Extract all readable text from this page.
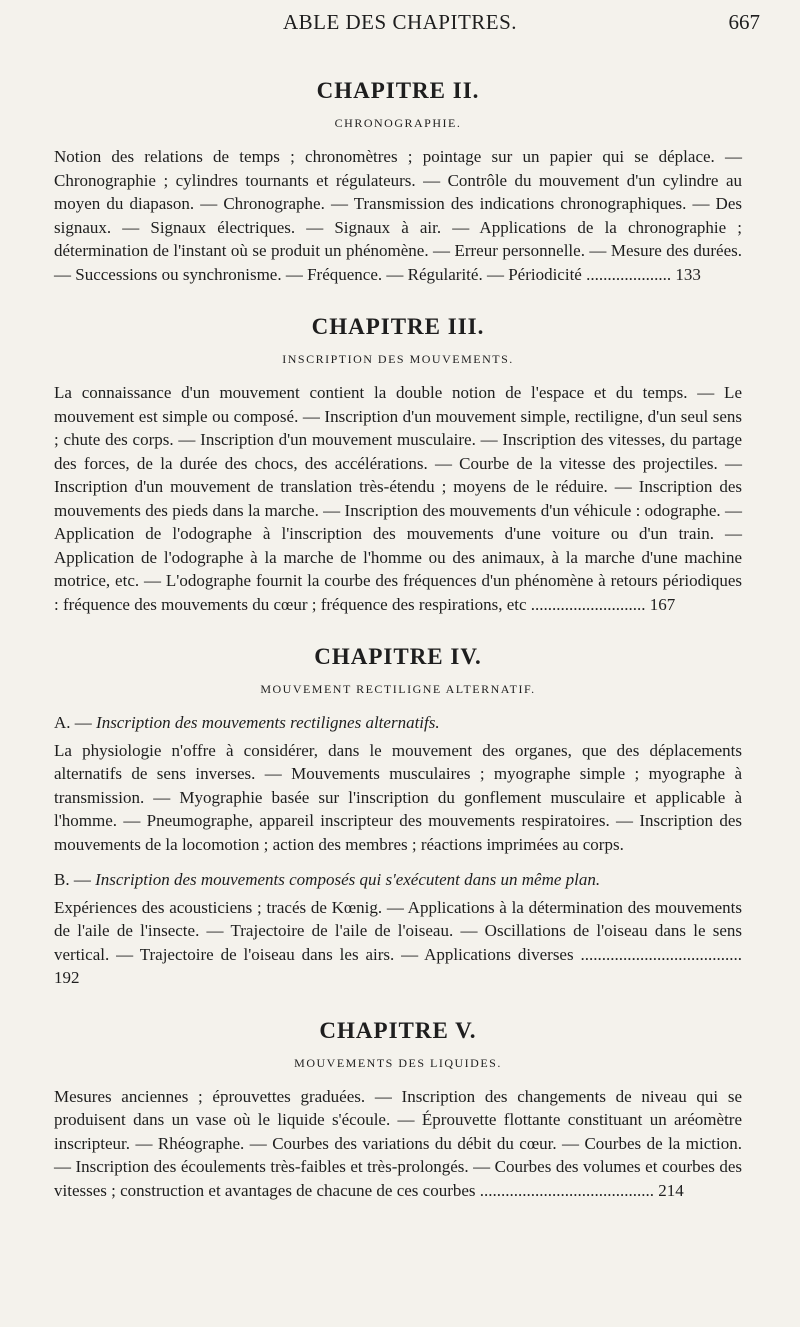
ABLE DES CHAPITRES.	667
CHAPITRE II.
CHRONOGRAPHIE.

Notion des relations de temps ; chronomètres ; pointage sur un papier qui se déplace. — Chronographie ; cylindres tournants et régulateurs. — Contrôle du mouvement d'un cylindre au moyen du diapason. — Chronographe. — Transmission des indications chronographiques. — Des signaux. — Signaux électriques. — Signaux à air. — Applications de la chronographie ; détermination de l'instant où se produit un phénomène. — Erreur personnelle. — Mesure des durées. — Successions ou synchronisme. — Fréquence. — Régularité. — Périodicité .................... 133

CHAPITRE III.
INSCRIPTION DES MOUVEMENTS.

La connaissance d'un mouvement contient la double notion de l'espace et du temps. — Le mouvement est simple ou composé. — Inscription d'un mouvement simple, rectiligne, d'un seul sens ; chute des corps. — Inscription d'un mouvement musculaire. — Inscription des vitesses, du partage des forces, de la durée des chocs, des accélérations. — Courbe de la vitesse des projectiles. — Inscription d'un mouvement de translation très-étendu ; moyens de le réduire. — Inscription des mouvements des pieds dans la marche. — Inscription des mouvements d'un véhicule : odographe. — Application de l'odographe à l'inscription des mouvements d'une voiture ou d'un train. — Application de l'odographe à la marche de l'homme ou des animaux, à la marche d'une machine motrice, etc. — L'odographe fournit la courbe des fréquences d'un phénomène à retours périodiques : fréquence des mouvements du cœur ; fréquence des respirations, etc ........................... 167

CHAPITRE IV.
MOUVEMENT RECTILIGNE ALTERNATIF.
A. — Inscription des mouvements rectilignes alternatifs.

La physiologie n'offre à considérer, dans le mouvement des organes, que des déplacements alternatifs de sens inverses. — Mouvements musculaires ; myographe simple ; myographe à transmission. — Myographie basée sur l'inscription du gonflement musculaire et applicable à l'homme. — Pneumographe, appareil inscripteur des mouvements respiratoires. — Inscription des mouvements de la locomotion ; action des membres ; réactions imprimées au corps.

B. — Inscription des mouvements composés qui s'exécutent dans un même plan.

Expériences des acousticiens ; tracés de Kœnig. — Applications à la détermination des mouvements de l'aile de l'insecte. — Trajectoire de l'aile de l'oiseau. — Oscillations de l'oiseau dans le sens vertical. — Trajectoire de l'oiseau dans les airs. — Applications diverses ...................................... 192

CHAPITRE V.
MOUVEMENTS DES LIQUIDES.

Mesures anciennes ; éprouvettes graduées. — Inscription des changements de niveau qui se produisent dans un vase où le liquide s'écoule. — Éprouvette flottante constituant un aréomètre inscripteur. — Rhéographe. — Courbes des variations du débit du cœur. — Courbes de la miction. — Inscription des écoulements très-faibles et très-prolongés. — Courbes des volumes et courbes des vitesses ; construction et avantages de chacune de ces courbes ......................................... 214
